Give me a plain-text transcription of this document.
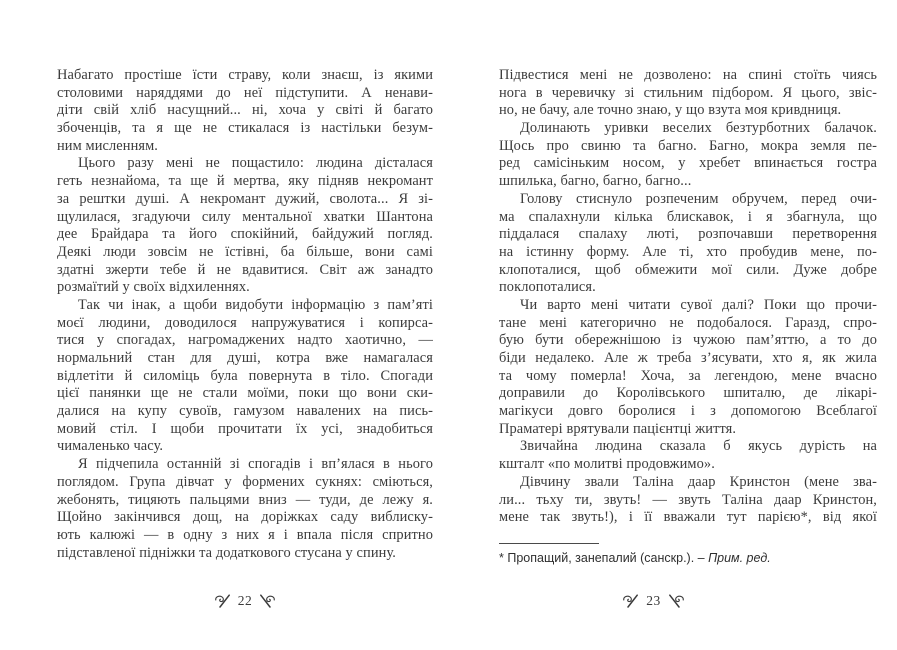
Набагато простіше їсти страву, коли знаєш, із якими
столовими наряддями до неї підступити. А ненави-
діти свій хліб насущний... ні, хоча у світі й багато
збоченців, та я ще не стикалася із настільки безум-
ним мисленням.
Цього разу мені не пощастило: людина дісталася
геть незнайома, та ще й мертва, яку підняв некромант
за рештки душі. А некромант дужий, сволота... Я зі-
щулилася, згадуючи силу ментальної хватки Шантона
дее Брайдара та його спокійний, байдужий погляд.
Деякі люди зовсім не їстівні, ба більше, вони самі
здатні зжерти тебе й не вдавитися. Світ аж занадто
розмаїтий у своїх відхиленнях.
Так чи інак, а щоби видобути інформацію з пам’яті
моєї людини, доводилося напружуватися і копирса-
тися у спогадах, нагромаджених надто хаотично, —
нормальний стан для душі, котра вже намагалася
відлетіти й силоміць була повернута в тіло. Спогади
цієї панянки ще не стали моїми, поки що вони ски-
далися на купу сувоїв, гамузом навалених на пись-
мовий стіл. І щоби прочитати їх усі, знадобиться
чималенько часу.
Я підчепила останній зі спогадів і вп’ялася в нього
поглядом. Група дівчат у формених сукнях: сміються,
жебонять, тицяють пальцями вниз — туди, де лежу я.
Щойно закінчився дощ, на доріжках саду виблиску-
ють калюжі — в одну з них я і впала після спритно
підставленої підніжки та додаткового стусана у спину.
22
Підвестися мені не дозволено: на спині стоїть чиясь
нога в черевичку зі стильним підбором. Я цього, звіс-
но, не бачу, але точно знаю, у що взута моя кривдниця.
Долинають уривки веселих безтурботних балачок.
Щось про свиню та багно. Багно, мокра земля пе-
ред самісіньким носом, у хребет впинається гостра
шпилька, багно, багно, багно...
Голову стиснуло розпеченим обручем, перед очи-
ма спалахнули кілька блискавок, і я збагнула, що
піддалася спалаху люті, розпочавши перетворення
на істинну форму. Але ті, хто пробудив мене, по-
клопоталися, щоб обмежити мої сили. Дуже добре
поклопоталися.
Чи варто мені читати сувої далі? Поки що прочи-
тане мені категорично не подобалося. Гаразд, спро-
бую бути обережнішою із чужою пам’яттю, а то до
біди недалеко. Але ж треба з’ясувати, хто я, як жила
та чому померла! Хоча, за легендою, мене вчасно
доправили до Королівського шпиталю, де лікарі-
магікуси довго боролися і з допомогою Всеблагої
Праматері врятували пацієнтці життя.
Звичайна людина сказала б якусь дурість на
кшталт «по молитві продовжимо».
Дівчину звали Таліна даар Кринстон (мене зва-
ли... тьху ти, звуть! — звуть Таліна даар Кринстон,
мене так звуть!), і її вважали тут парією*, від якої
* Пропащий, занепалий (санскр.). – Прим. ред.
23
